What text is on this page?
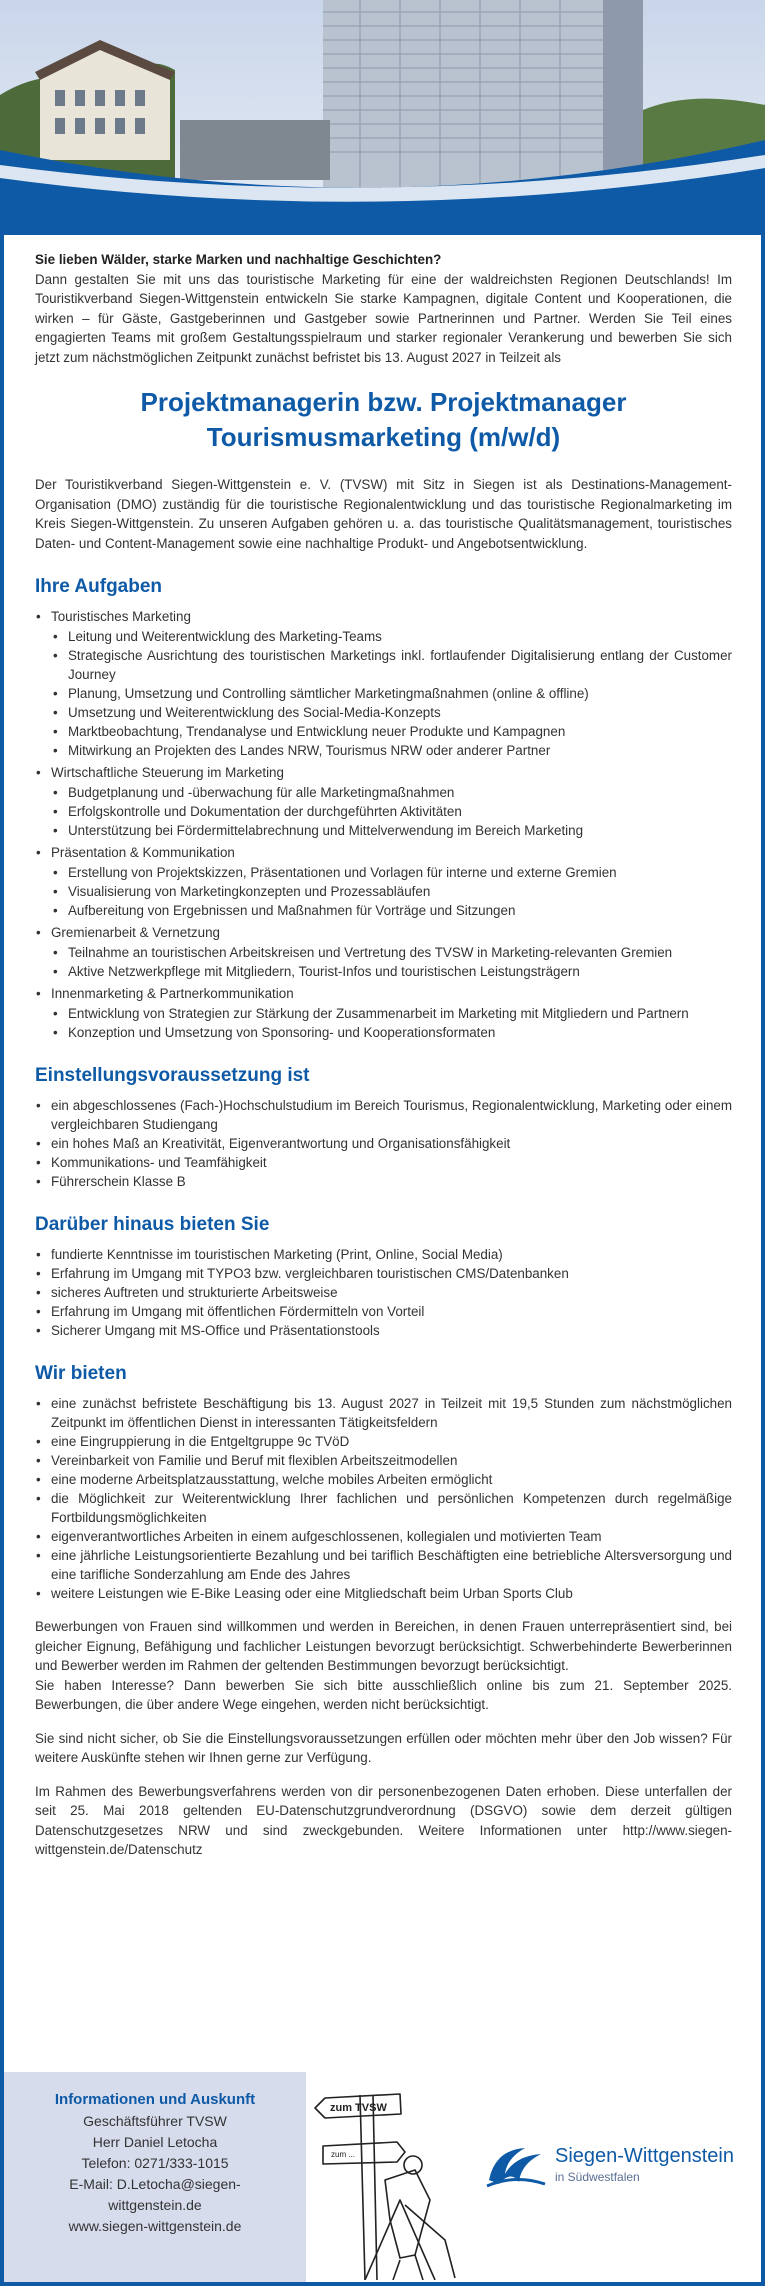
Sie lieben Wälder, starke Marken und nachhaltige Geschichten?

Dann gestalten Sie mit uns das touristische Marketing für eine der waldreichsten Regionen Deutschlands! Im Touristikverband Siegen-Wittgenstein entwickeln Sie starke Kampagnen, digitale Content und Kooperationen, die wirken – für Gäste, Gastgeberinnen und Gastgeber sowie Partnerinnen und Partner. Werden Sie Teil eines engagierten Teams mit großem Gestaltungsspielraum und starker regionaler Verankerung und bewerben Sie sich jetzt zum nächstmöglichen Zeitpunkt zunächst befristet bis 13. August 2027 in Teilzeit als

Projektmanagerin bzw. Projektmanager
Tourismusmarketing (m/w/d)

Der Touristikverband Siegen-Wittgenstein e. V. (TVSW) mit Sitz in Siegen ist als Destinations-Management-Organisation (DMO) zuständig für die touristische Regionalentwicklung und das touristische Regionalmarketing im Kreis Siegen-Wittgenstein. Zu unseren Aufgaben gehören u. a. das touristische Qualitätsmanagement, touristisches Daten- und Content-Management sowie eine nachhaltige Produkt- und Angebotsentwicklung.

Ihre Aufgaben
• Touristisches Marketing
• Leitung und Weiterentwicklung des Marketing-Teams
• Strategische Ausrichtung des touristischen Marketings inkl. fortlaufender Digitalisierung entlang der Customer Journey
• Planung, Umsetzung und Controlling sämtlicher Marketingmaßnahmen (online & offline)
• Umsetzung und Weiterentwicklung des Social-Media-Konzepts
• Marktbeobachtung, Trendanalyse und Entwicklung neuer Produkte und Kampagnen
• Mitwirkung an Projekten des Landes NRW, Tourismus NRW oder anderer Partner
• Wirtschaftliche Steuerung im Marketing
• Budgetplanung und -überwachung für alle Marketingmaßnahmen
• Erfolgskontrolle und Dokumentation der durchgeführten Aktivitäten
• Unterstützung bei Fördermittelabrechnung und Mittelverwendung im Bereich Marketing
• Präsentation & Kommunikation
• Erstellung von Projektskizzen, Präsentationen und Vorlagen für interne und externe Gremien
• Visualisierung von Marketingkonzepten und Prozessabläufen
• Aufbereitung von Ergebnissen und Maßnahmen für Vorträge und Sitzungen
• Gremienarbeit & Vernetzung
• Teilnahme an touristischen Arbeitskreisen und Vertretung des TVSW in Marketing-relevanten Gremien
• Aktive Netzwerkpflege mit Mitgliedern, Tourist-Infos und touristischen Leistungsträgern
• Innenmarketing & Partnerkommunikation
• Entwicklung von Strategien zur Stärkung der Zusammenarbeit im Marketing mit Mitgliedern und Partnern
• Konzeption und Umsetzung von Sponsoring- und Kooperationsformaten
Einstellungsvoraussetzung ist
• ein abgeschlossenes (Fach-)Hochschulstudium im Bereich Tourismus, Regionalentwicklung, Marketing oder einem vergleichbaren Studiengang
• ein hohes Maß an Kreativität, Eigenverantwortung und Organisationsfähigkeit
• Kommunikations- und Teamfähigkeit
• Führerschein Klasse B
Darüber hinaus bieten Sie
• fundierte Kenntnisse im touristischen Marketing (Print, Online, Social Media)
• Erfahrung im Umgang mit TYPO3 bzw. vergleichbaren touristischen CMS/Datenbanken
• sicheres Auftreten und strukturierte Arbeitsweise
• Erfahrung im Umgang mit öffentlichen Fördermitteln von Vorteil
• Sicherer Umgang mit MS-Office und Präsentationstools
Wir bieten
• eine zunächst befristete Beschäftigung bis 13. August 2027 in Teilzeit mit 19,5 Stunden zum nächstmöglichen Zeitpunkt im öffentlichen Dienst in interessanten Tätigkeitsfeldern
• eine Eingruppierung in die Entgeltgruppe 9c TVöD
• Vereinbarkeit von Familie und Beruf mit flexiblen Arbeitszeitmodellen
• eine moderne Arbeitsplatzausstattung, welche mobiles Arbeiten ermöglicht
• die Möglichkeit zur Weiterentwicklung Ihrer fachlichen und persönlichen Kompetenzen durch regelmäßige Fortbildungsmöglichkeiten
• eigenverantwortliches Arbeiten in einem aufgeschlossenen, kollegialen und motivierten Team
• eine jährliche Leistungsorientierte Bezahlung und bei tariflich Beschäftigten eine betriebliche Altersversorgung und eine tarifliche Sonderzahlung am Ende des Jahres
• weitere Leistungen wie E-Bike Leasing oder eine Mitgliedschaft beim Urban Sports Club

Bewerbungen von Frauen sind willkommen und werden in Bereichen, in denen Frauen unterrepräsentiert sind, bei gleicher Eignung, Befähigung und fachlicher Leistungen bevorzugt berücksichtigt. Schwerbehinderte Bewerberinnen und Bewerber werden im Rahmen der geltenden Bestimmungen bevorzugt berücksichtigt.

Sie haben Interesse? Dann bewerben Sie sich bitte ausschließlich online bis zum 21. September 2025. Bewerbungen, die über andere Wege eingehen, werden nicht berücksichtigt.

Sie sind nicht sicher, ob Sie die Einstellungsvoraussetzungen erfüllen oder möchten mehr über den Job wissen? Für weitere Auskünfte stehen wir Ihnen gerne zur Verfügung.

Im Rahmen des Bewerbungsverfahrens werden von dir personenbezogenen Daten erhoben. Diese unterfallen der seit 25. Mai 2018 geltenden EU-Datenschutzgrundverordnung (DSGVO) sowie dem derzeit gültigen Datenschutzgesetzes NRW und sind zweckgebunden. Weitere Informationen unter http://www.siegen-wittgenstein.de/Datenschutz

Informationen und Auskunft
Geschäftsführer TVSW
Herr Daniel Letocha
Telefon: 0271/333-1015
E-Mail: D.Letocha@siegen-
wittgenstein.de
www.siegen-wittgenstein.de
zum TVSW
zum ...	Siegen-Wittgenstein
in Südwestfalen
